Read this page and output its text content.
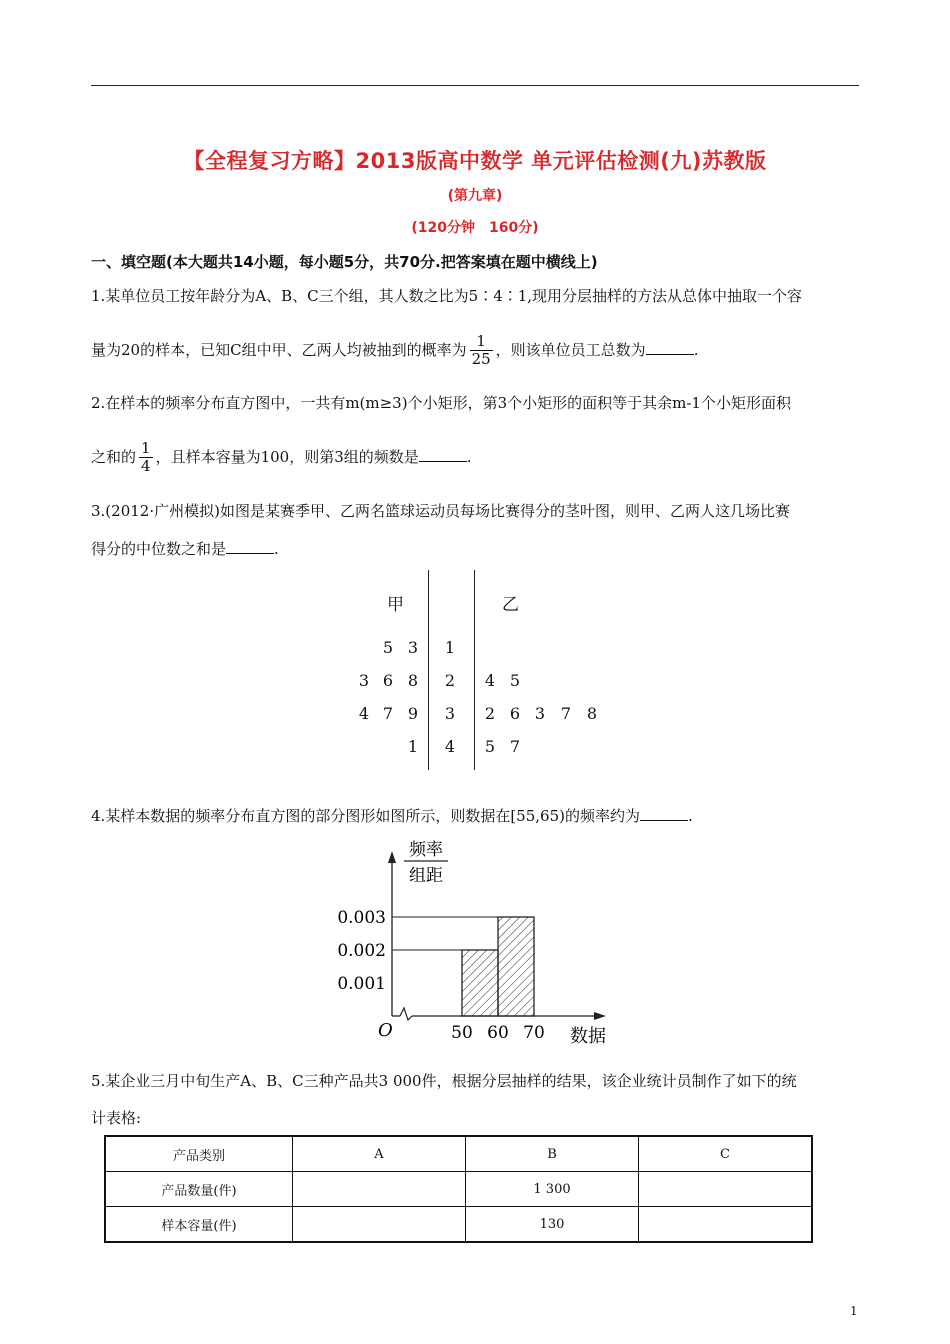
【全程复习方略】2013版高中数学 单元评估检测(九)苏教版
(第九章)
(120分钟　160分)
一、填空题(本大题共14小题，每小题5分，共70分.把答案填在题中横线上)
1.某单位员工按年龄分为A、B、C三个组，其人数之比为5∶4∶1,现用分层抽样的方法从总体中抽取一个容
量为20的样本，已知C组中甲、乙两人均被抽到的概率为 $\frac{1}{25}$ ，则该单位员工总数为	.
2.在样本的频率分布直方图中，一共有m(m≥3)个小矩形，第3个小矩形的面积等于其余m-1个小矩形面积
之和的 $\frac{1}{4}$ ，且样本容量为100，则第3组的频数是	.
3.(2012·广州模拟)如图是某赛季甲、乙两名篮球运动员每场比赛得分的茎叶图，则甲、乙两人这几场比赛
得分的中位数之和是	.
甲	乙
5 3	1
3 6 8	2	4 5
4 7 9	3	2 6 3 7 8
1	4	5 7
4.某样本数据的频率分布直方图的部分图形如图所示，则数据在[55,65)的频率约为	.
频率
组距
0.003
0.002
0.001
50 60 70
O	数据
5.某企业三月中旬生产A、B、C三种产品共3 000件，根据分层抽样的结果，该企业统计员制作了如下的统
计表格:
产品类别	A	B	C
产品数量(件)		1 300	
样本容量(件)		130	
1
